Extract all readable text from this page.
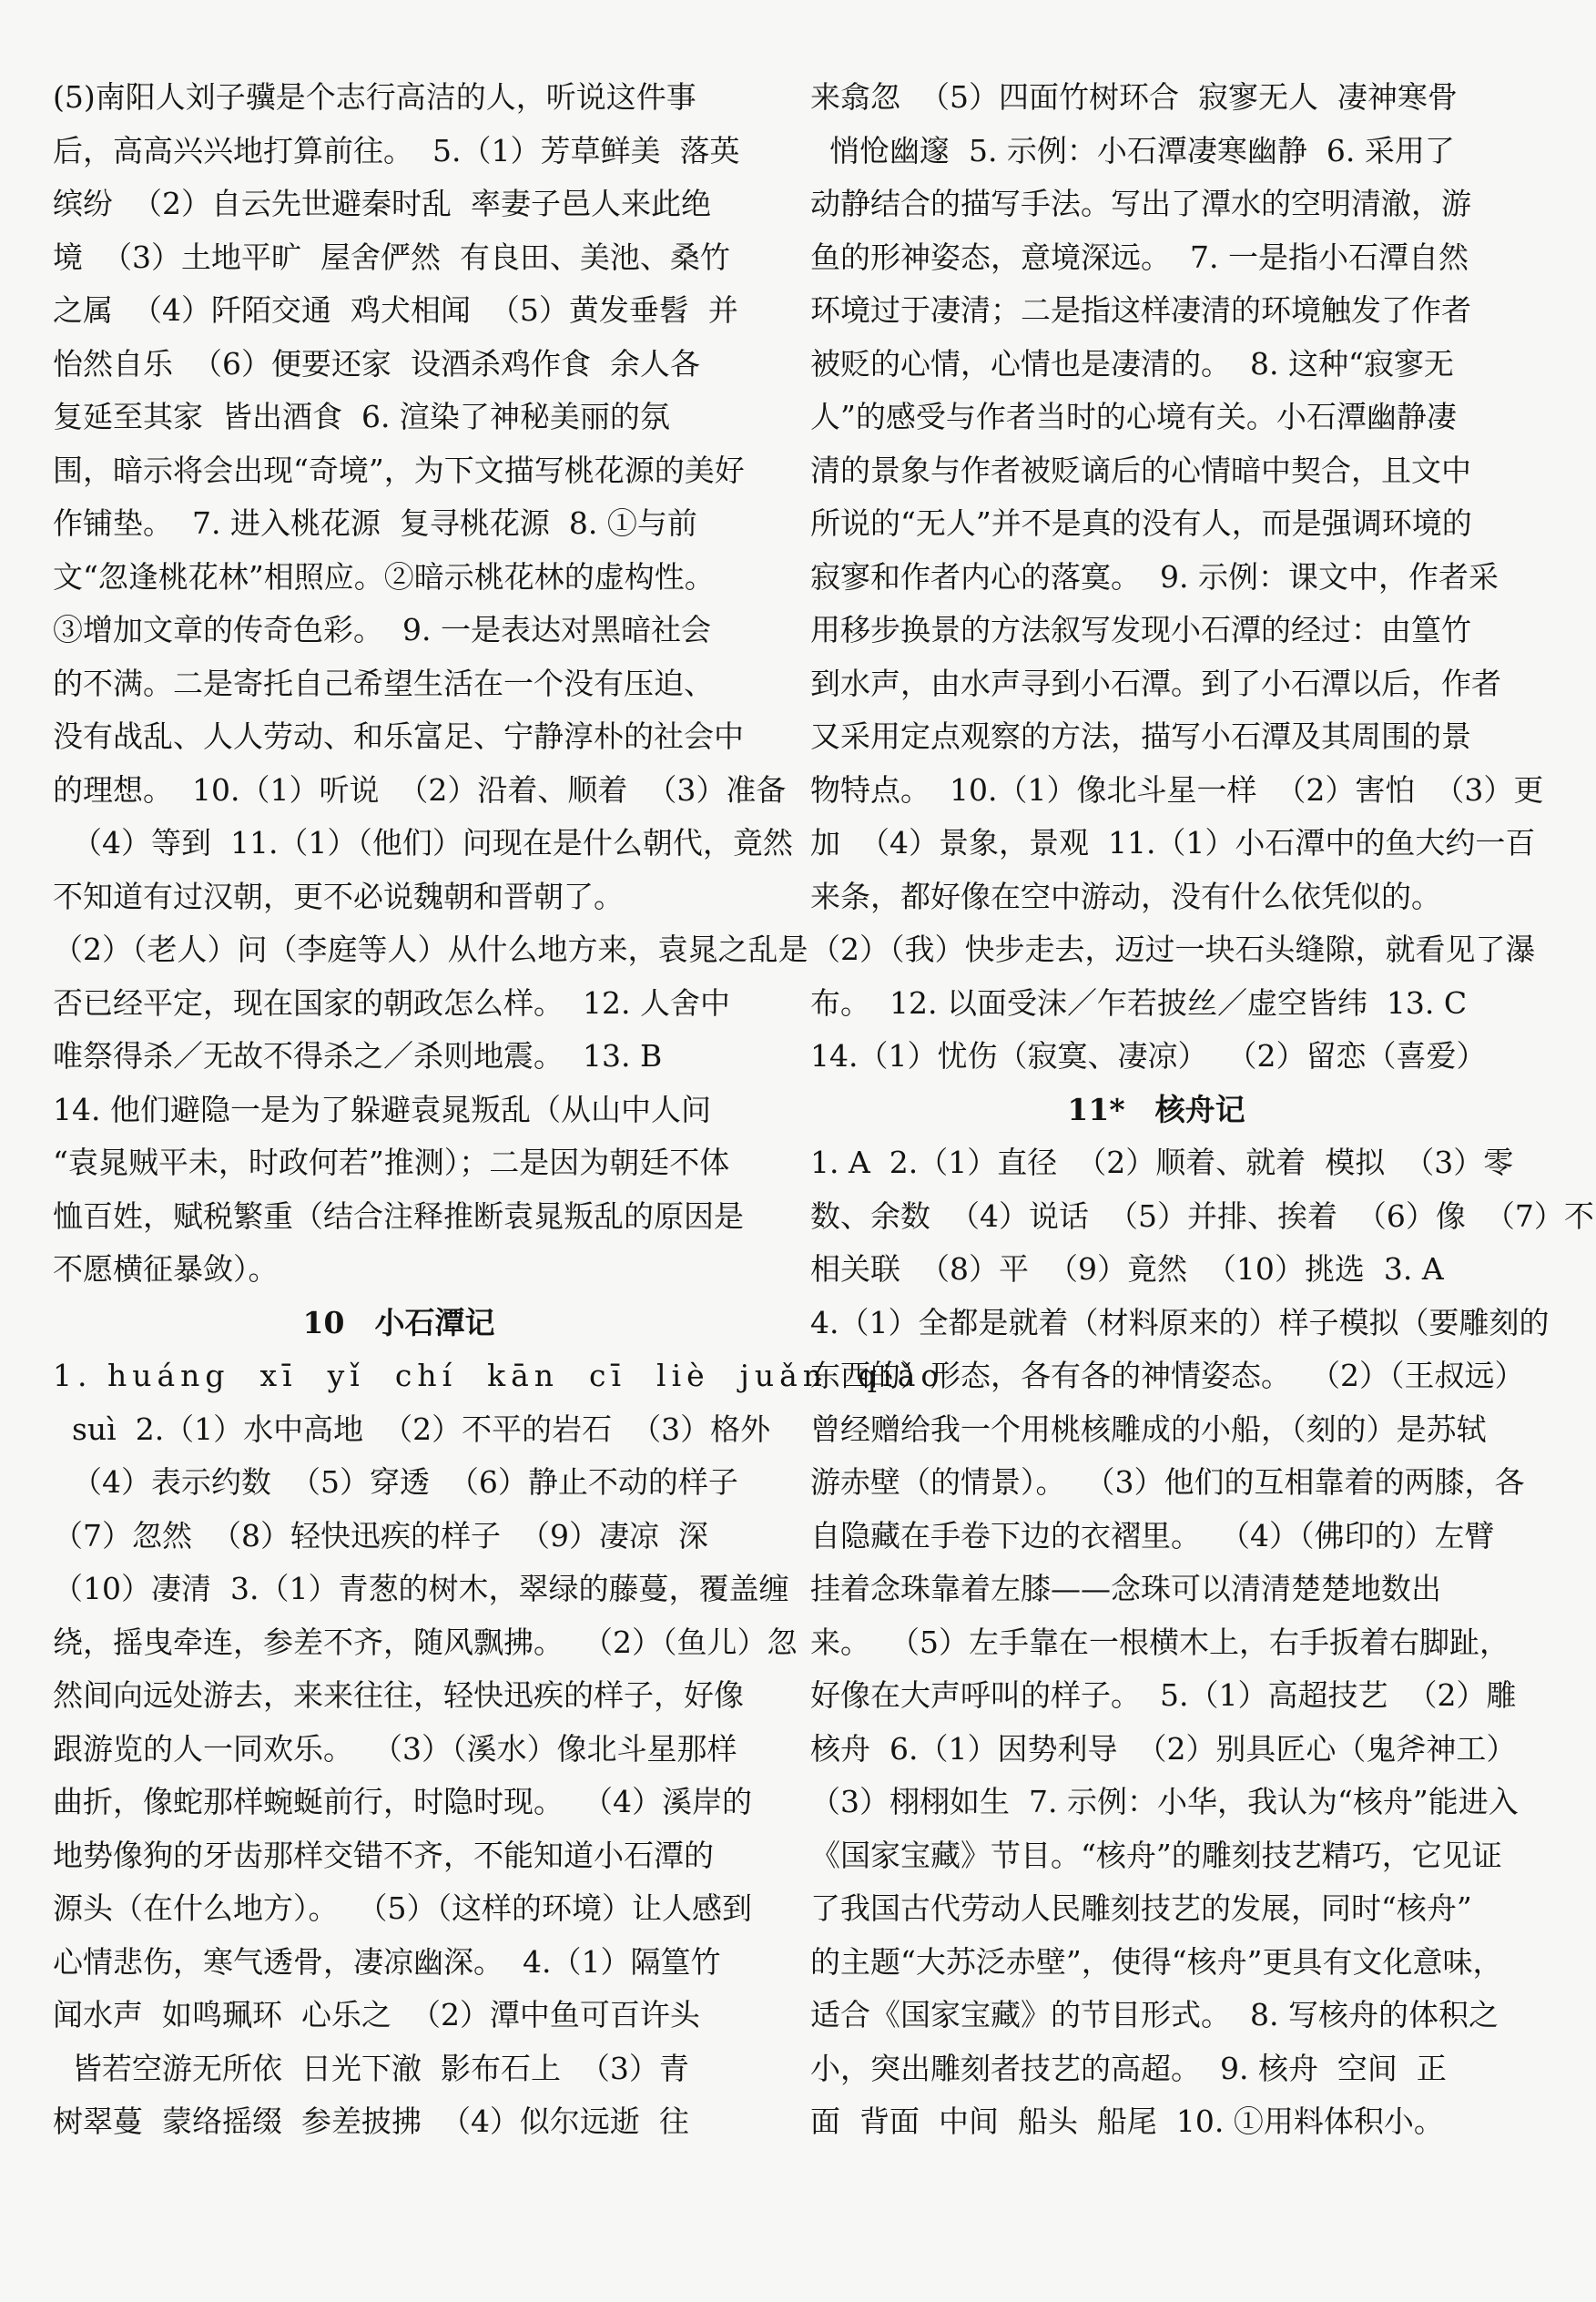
(5)南阳人刘子骥是个志行高洁的人，听说这件事
后，高高兴兴地打算前往。  5.（1）芳草鲜美  落英
缤纷  （2）自云先世避秦时乱  率妻子邑人来此绝
境  （3）土地平旷  屋舍俨然  有良田、美池、桑竹
之属  （4）阡陌交通  鸡犬相闻  （5）黄发垂髫  并
怡然自乐  （6）便要还家  设酒杀鸡作食  余人各
复延至其家  皆出酒食  6. 渲染了神秘美丽的氛
围，暗示将会出现“奇境”，为下文描写桃花源的美好
作铺垫。  7. 进入桃花源  复寻桃花源  8. ①与前
文“忽逢桃花林”相照应。②暗示桃花林的虚构性。
③增加文章的传奇色彩。  9. 一是表达对黑暗社会
的不满。二是寄托自己希望生活在一个没有压迫、
没有战乱、人人劳动、和乐富足、宁静淳朴的社会中
的理想。  10.（1）听说  （2）沿着、顺着  （3）准备
（4）等到  11.（1）（他们）问现在是什么朝代，竟然
不知道有过汉朝，更不必说魏朝和晋朝了。
（2）（老人）问（李庭等人）从什么地方来，袁晁之乱是
否已经平定，现在国家的朝政怎么样。  12. 人舍中
唯祭得杀／无故不得杀之／杀则地震。  13. B
14. 他们避隐一是为了躲避袁晁叛乱（从山中人问
“袁晁贼平未，时政何若”推测）；二是因为朝廷不体
恤百姓，赋税繁重（结合注释推断袁晁叛乱的原因是
不愿横征暴敛）。
10　小石潭记
1. huáng  xī  yǐ  chí  kān  cī  liè  juǎn  qiǎo
suì  2.（1）水中高地  （2）不平的岩石  （3）格外
（4）表示约数  （5）穿透  （6）静止不动的样子
（7）忽然  （8）轻快迅疾的样子  （9）凄凉  深
（10）凄清  3.（1）青葱的树木，翠绿的藤蔓，覆盖缠
绕，摇曳牵连，参差不齐，随风飘拂。  （2）（鱼儿）忽
然间向远处游去，来来往往，轻快迅疾的样子，好像
跟游览的人一同欢乐。  （3）（溪水）像北斗星那样
曲折，像蛇那样蜿蜒前行，时隐时现。  （4）溪岸的
地势像狗的牙齿那样交错不齐，不能知道小石潭的
源头（在什么地方）。  （5）（这样的环境）让人感到
心情悲伤，寒气透骨，凄凉幽深。  4.（1）隔篁竹
闻水声  如鸣珮环  心乐之  （2）潭中鱼可百许头
皆若空游无所依  日光下澈  影布石上  （3）青
树翠蔓  蒙络摇缀  参差披拂  （4）似尔远逝  往
来翕忽  （5）四面竹树环合  寂寥无人  凄神寒骨
悄怆幽邃  5. 示例：小石潭凄寒幽静  6. 采用了
动静结合的描写手法。写出了潭水的空明清澈，游
鱼的形神姿态，意境深远。  7. 一是指小石潭自然
环境过于凄清；二是指这样凄清的环境触发了作者
被贬的心情，心情也是凄清的。  8. 这种“寂寥无
人”的感受与作者当时的心境有关。小石潭幽静凄
清的景象与作者被贬谪后的心情暗中契合，且文中
所说的“无人”并不是真的没有人，而是强调环境的
寂寥和作者内心的落寞。  9. 示例：课文中，作者采
用移步换景的方法叙写发现小石潭的经过：由篁竹
到水声，由水声寻到小石潭。到了小石潭以后，作者
又采用定点观察的方法，描写小石潭及其周围的景
物特点。  10.（1）像北斗星一样  （2）害怕  （3）更
加  （4）景象，景观  11.（1）小石潭中的鱼大约一百
来条，都好像在空中游动，没有什么依凭似的。
（2）（我）快步走去，迈过一块石头缝隙，就看见了瀑
布。  12. 以面受沫／乍若披丝／虚空皆纬  13. C
14.（1）忧伤（寂寞、凄凉）  （2）留恋（喜爱）
11*　核舟记
1. A  2.（1）直径  （2）顺着、就着  模拟  （3）零
数、余数  （4）说话  （5）并排、挨着  （6）像  （7）不
相关联  （8）平  （9）竟然  （10）挑选  3. A
4.（1）全都是就着（材料原来的）样子模拟（要雕刻的
东西的）形态，各有各的神情姿态。  （2）（王叔远）
曾经赠给我一个用桃核雕成的小船，（刻的）是苏轼
游赤壁（的情景）。  （3）他们的互相靠着的两膝，各
自隐藏在手卷下边的衣褶里。  （4）（佛印的）左臂
挂着念珠靠着左膝——念珠可以清清楚楚地数出
来。  （5）左手靠在一根横木上，右手扳着右脚趾，
好像在大声呼叫的样子。  5.（1）高超技艺  （2）雕
核舟  6.（1）因势利导  （2）别具匠心（鬼斧神工）
（3）栩栩如生  7. 示例：小华，我认为“核舟”能进入
《国家宝藏》节目。“核舟”的雕刻技艺精巧，它见证
了我国古代劳动人民雕刻技艺的发展，同时“核舟”
的主题“大苏泛赤壁”，使得“核舟”更具有文化意味，
适合《国家宝藏》的节目形式。  8. 写核舟的体积之
小，突出雕刻者技艺的高超。  9. 核舟  空间  正
面  背面  中间  船头  船尾  10. ①用料体积小。
